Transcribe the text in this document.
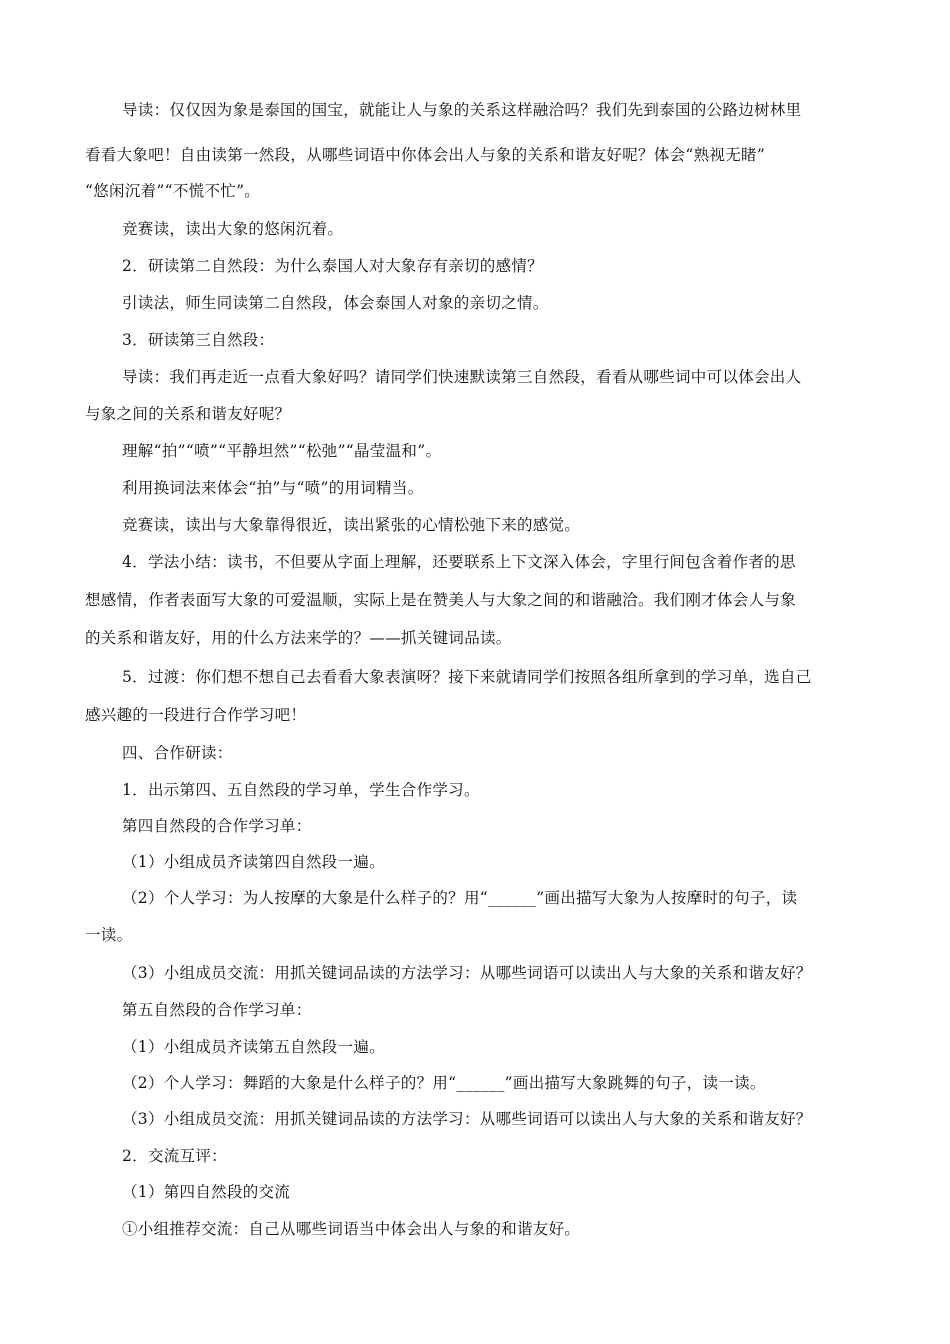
导读：仅仅因为象是泰国的国宝，就能让人与象的关系这样融洽吗？我们先到泰国的公路边树林里
看看大象吧！自由读第一然段，从哪些词语中你体会出人与象的关系和谐友好呢？体会“熟视无睹”
“悠闲沉着”“不慌不忙”。
竞赛读，读出大象的悠闲沉着。
2．研读第二自然段：为什么泰国人对大象存有亲切的感情？
引读法，师生同读第二自然段，体会泰国人对象的亲切之情。
3．研读第三自然段：
导读：我们再走近一点看大象好吗？请同学们快速默读第三自然段，看看从哪些词中可以体会出人
与象之间的关系和谐友好呢？
理解“拍”“喷”“平静坦然”“松弛”“晶莹温和”。
利用换词法来体会“拍”与“喷”的用词精当。
竞赛读，读出与大象靠得很近，读出紧张的心情松弛下来的感觉。
4．学法小结：读书，不但要从字面上理解，还要联系上下文深入体会，字里行间包含着作者的思
想感情，作者表面写大象的可爱温顺，实际上是在赞美人与大象之间的和谐融洽。我们刚才体会人与象
的关系和谐友好，用的什么方法来学的？——抓关键词品读。
5．过渡：你们想不想自己去看看大象表演呀？接下来就请同学们按照各组所拿到的学习单，选自己
感兴趣的一段进行合作学习吧！
四、合作研读：
1．出示第四、五自然段的学习单，学生合作学习。
第四自然段的合作学习单：
（1）小组成员齐读第四自然段一遍。
（2）个人学习：为人按摩的大象是什么样子的？用“______”画出描写大象为人按摩时的句子，读
一读。
（3）小组成员交流：用抓关键词品读的方法学习：从哪些词语可以读出人与大象的关系和谐友好？
第五自然段的合作学习单：
（1）小组成员齐读第五自然段一遍。
（2）个人学习：舞蹈的大象是什么样子的？用“______”画出描写大象跳舞的句子，读一读。
（3）小组成员交流：用抓关键词品读的方法学习：从哪些词语可以读出人与大象的关系和谐友好？
2．交流互评：
（1）第四自然段的交流
①小组推荐交流：自己从哪些词语当中体会出人与象的和谐友好。
